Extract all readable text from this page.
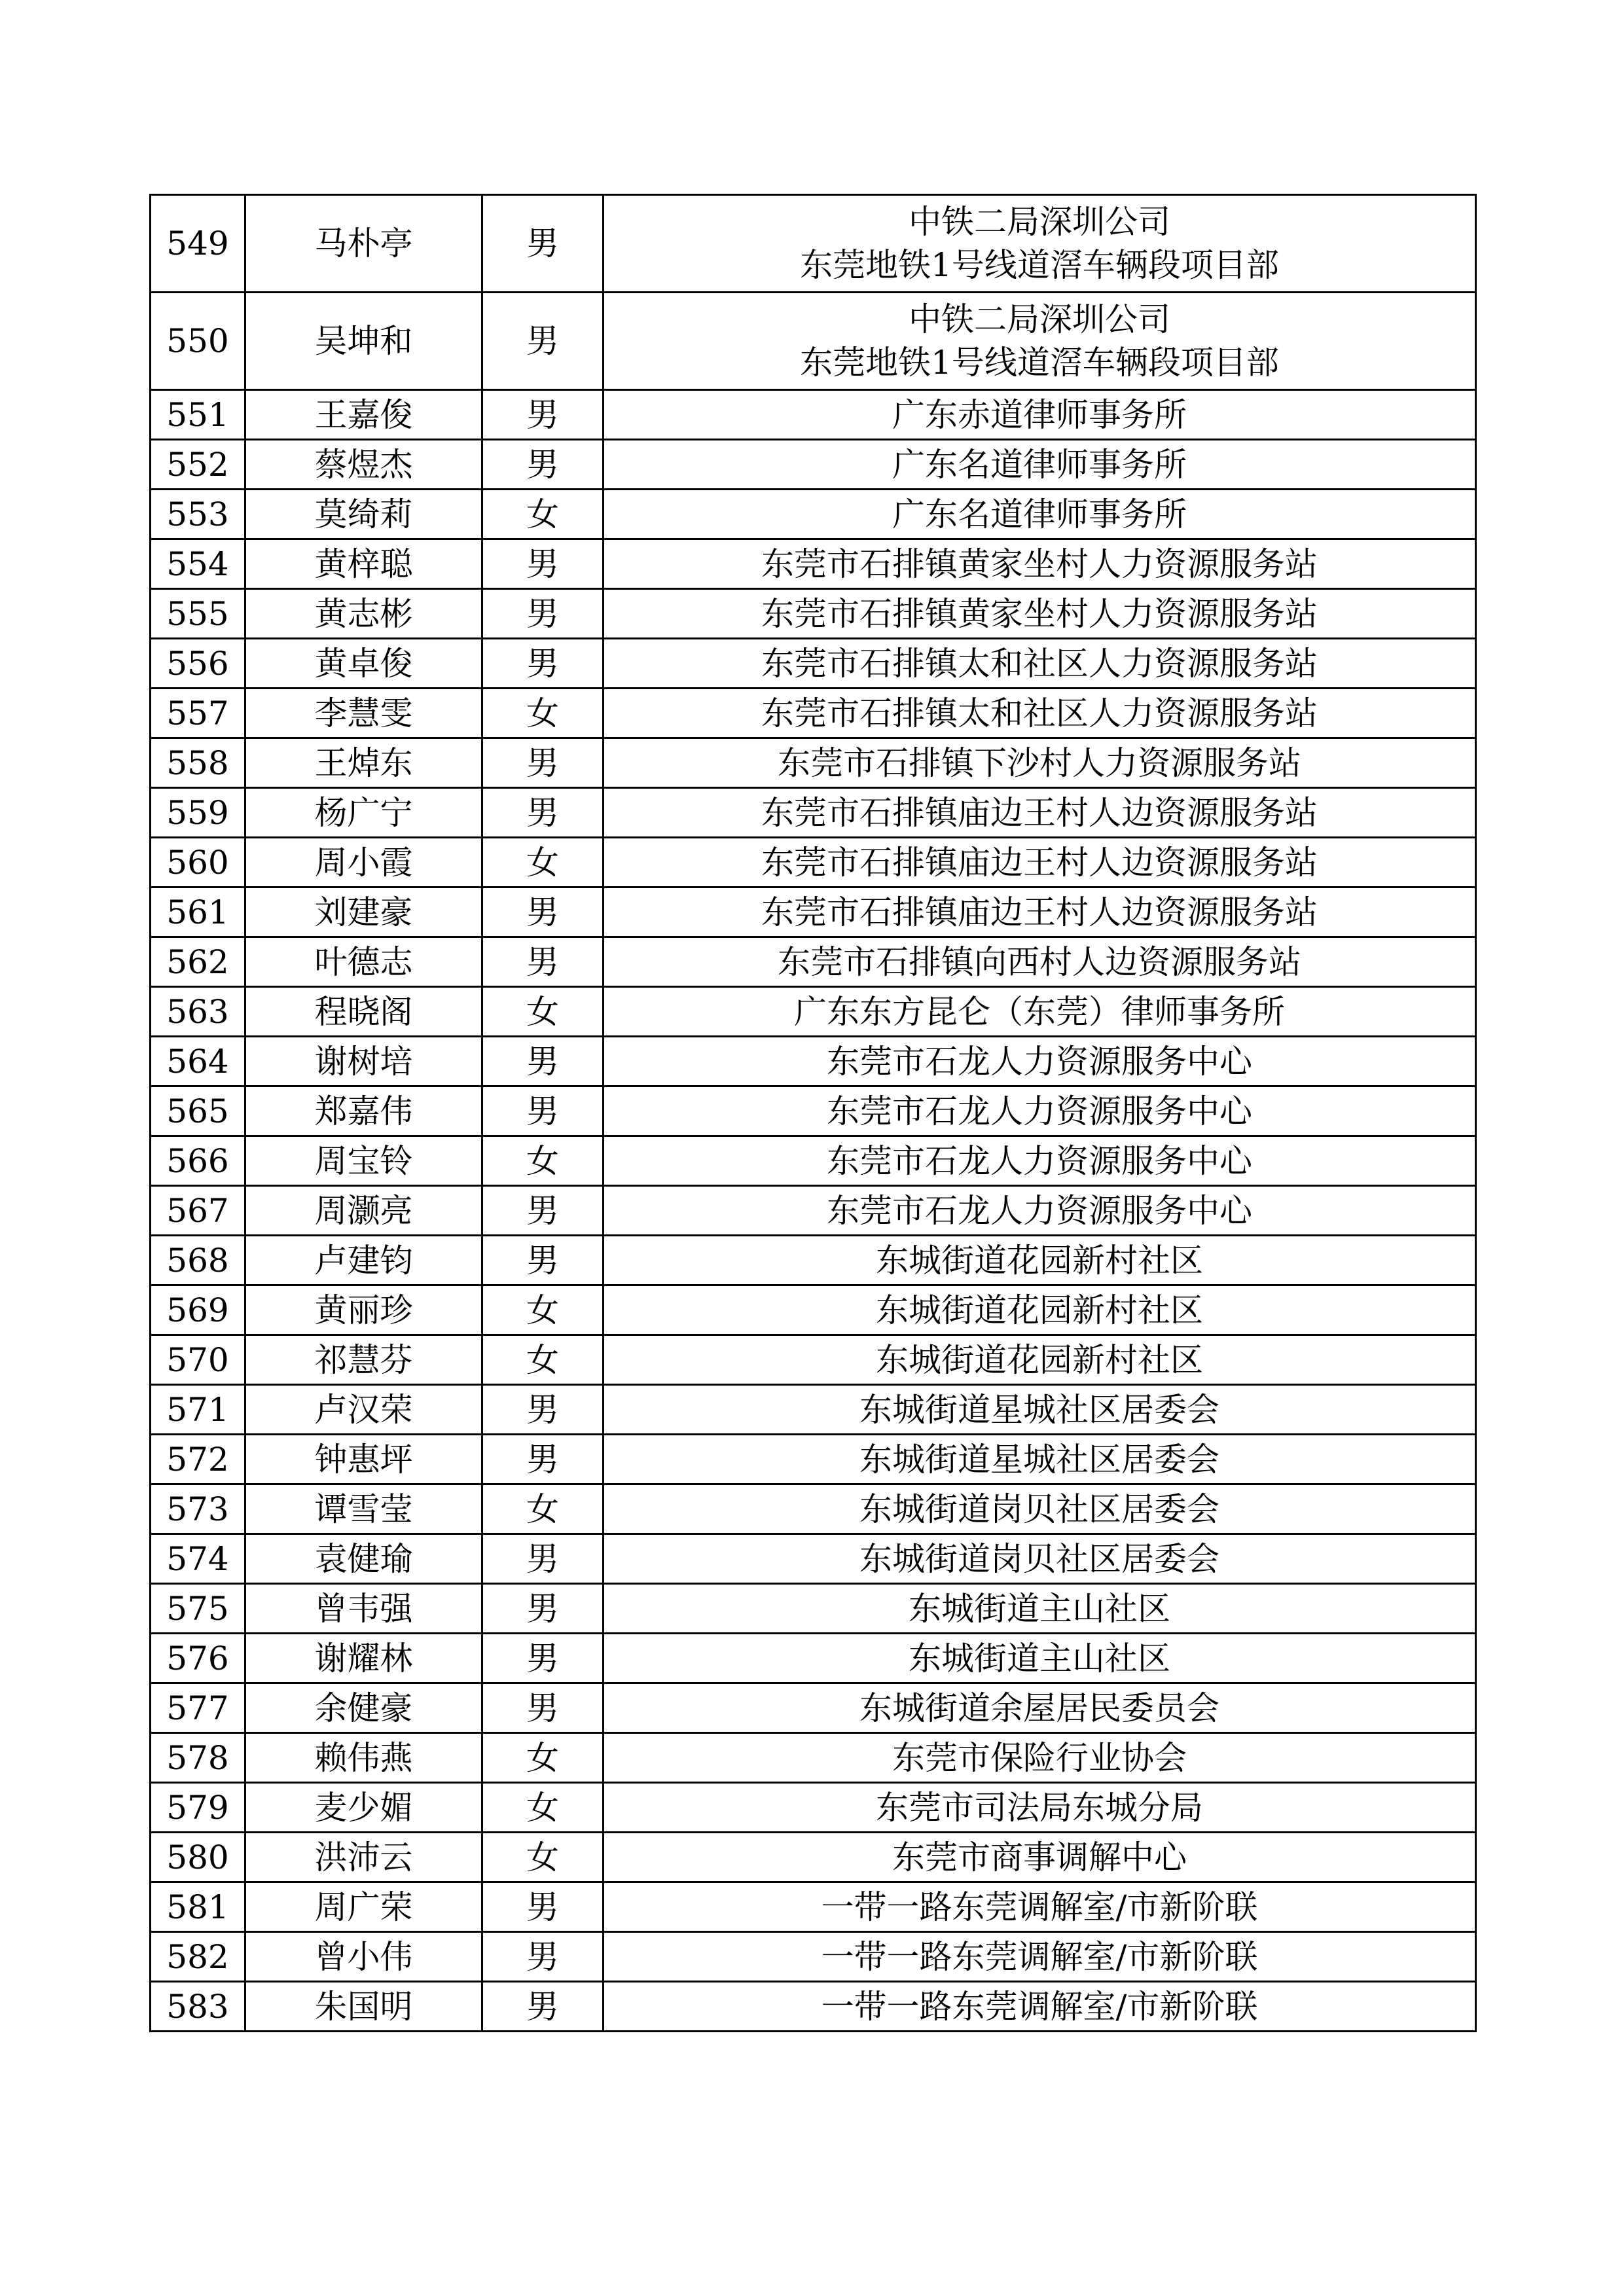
549	马朴亭	男	中铁二局深圳公司
东莞地铁1号线道滘车辆段项目部

550	吴坤和	男	中铁二局深圳公司
东莞地铁1号线道滘车辆段项目部

551	王嘉俊	男	广东赤道律师事务所

552	蔡煜杰	男	广东名道律师事务所

553	莫绮莉	女	广东名道律师事务所

554	黄梓聪	男	东莞市石排镇黄家坐村人力资源服务站

555	黄志彬	男	东莞市石排镇黄家坐村人力资源服务站

556	黄卓俊	男	东莞市石排镇太和社区人力资源服务站

557	李慧雯	女	东莞市石排镇太和社区人力资源服务站

558	王焯东	男	东莞市石排镇下沙村人力资源服务站

559	杨广宁	男	东莞市石排镇庙边王村人边资源服务站

560	周小霞	女	东莞市石排镇庙边王村人边资源服务站

561	刘建豪	男	东莞市石排镇庙边王村人边资源服务站

562	叶德志	男	东莞市石排镇向西村人边资源服务站

563	程晓阁	女	广东东方昆仑（东莞）律师事务所

564	谢树培	男	东莞市石龙人力资源服务中心

565	郑嘉伟	男	东莞市石龙人力资源服务中心

566	周宝铃	女	东莞市石龙人力资源服务中心

567	周灏亮	男	东莞市石龙人力资源服务中心

568	卢建钧	男	东城街道花园新村社区

569	黄丽珍	女	东城街道花园新村社区

570	祁慧芬	女	东城街道花园新村社区

571	卢汉荣	男	东城街道星城社区居委会

572	钟惠坪	男	东城街道星城社区居委会

573	谭雪莹	女	东城街道岗贝社区居委会

574	袁健瑜	男	东城街道岗贝社区居委会

575	曾韦强	男	东城街道主山社区

576	谢耀林	男	东城街道主山社区

577	余健豪	男	东城街道余屋居民委员会

578	赖伟燕	女	东莞市保险行业协会

579	麦少媚	女	东莞市司法局东城分局

580	洪沛云	女	东莞市商事调解中心

581	周广荣	男	一带一路东莞调解室/市新阶联

582	曾小伟	男	一带一路东莞调解室/市新阶联

583	朱国明	男	一带一路东莞调解室/市新阶联
